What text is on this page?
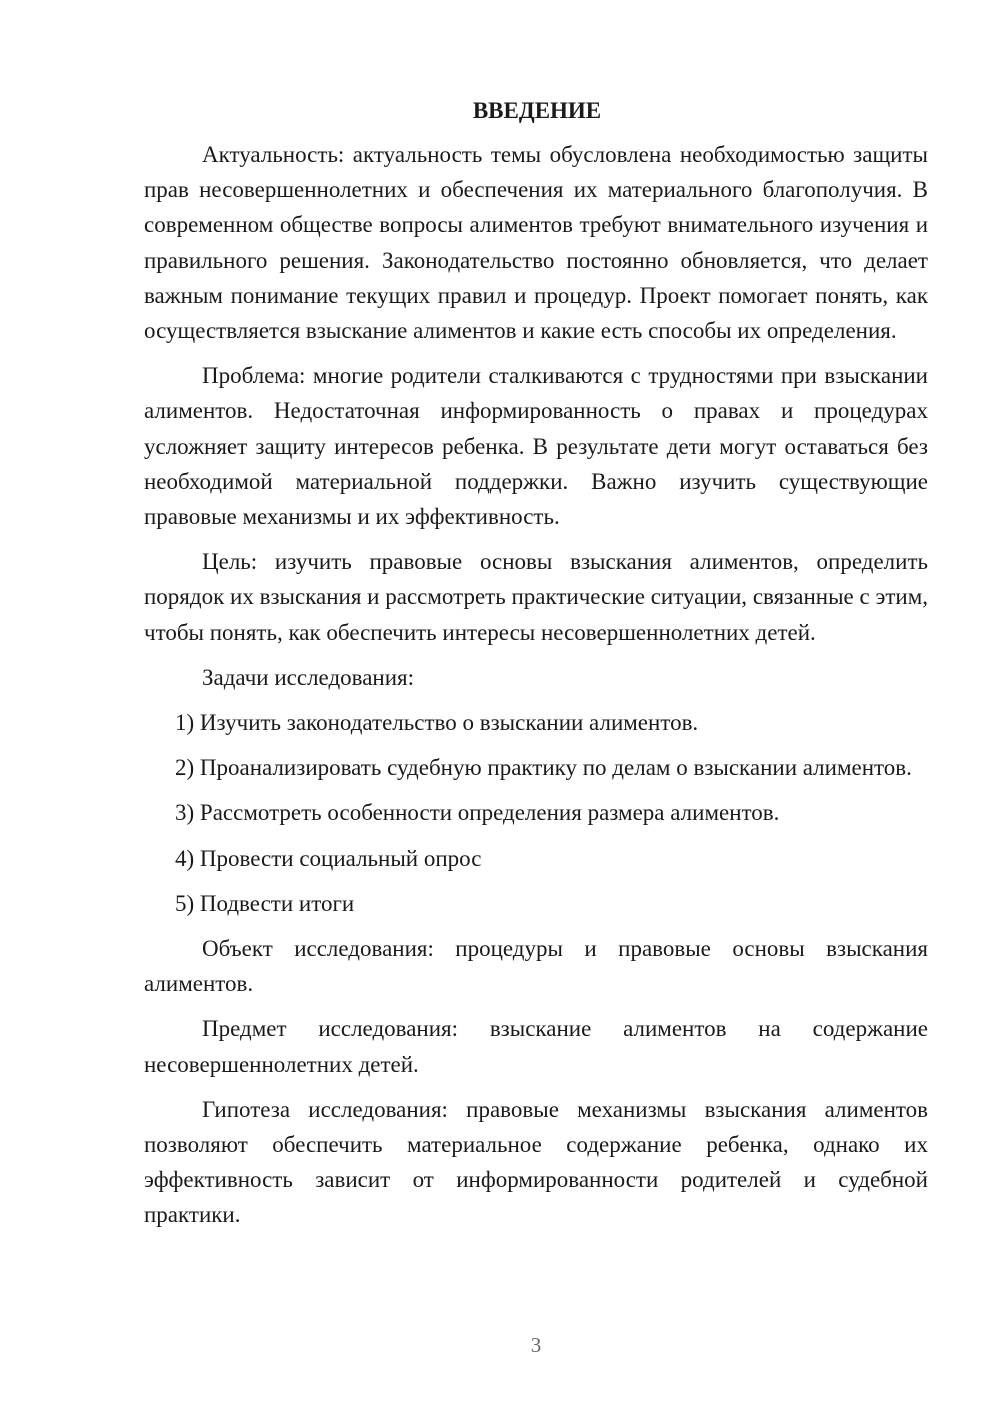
ВВЕДЕНИЕ

Актуальность: актуальность темы обусловлена необходимостью защиты прав несовершеннолетних и обеспечения их материального благополучия. В современном обществе вопросы алиментов требуют внимательного изучения и правильного решения. Законодательство постоянно обновляется, что делает важным понимание текущих правил и процедур. Проект помогает понять, как осуществляется взыскание алиментов и какие есть способы их определения.

Проблема: многие родители сталкиваются с трудностями при взыскании алиментов. Недостаточная информированность о правах и процедурах усложняет защиту интересов ребенка. В результате дети могут оставаться без необходимой материальной поддержки. Важно изучить существующие правовые механизмы и их эффективность.

Цель: изучить правовые основы взыскания алиментов, определить порядок их взыскания и рассмотреть практические ситуации, связанные с этим, чтобы понять, как обеспечить интересы несовершеннолетних детей.

Задачи исследования:

1) Изучить законодательство о взыскании алиментов.

2) Проанализировать судебную практику по делам о взыскании алиментов.

3) Рассмотреть особенности определения размера алиментов.

4) Провести социальный опрос

5) Подвести итоги

Объект исследования: процедуры и правовые основы взыскания алиментов.

Предмет исследования: взыскание алиментов на содержание несовершеннолетних детей.

Гипотеза исследования: правовые механизмы взыскания алиментов позволяют обеспечить материальное содержание ребенка, однако их эффективность зависит от информированности родителей и судебной практики.

3
